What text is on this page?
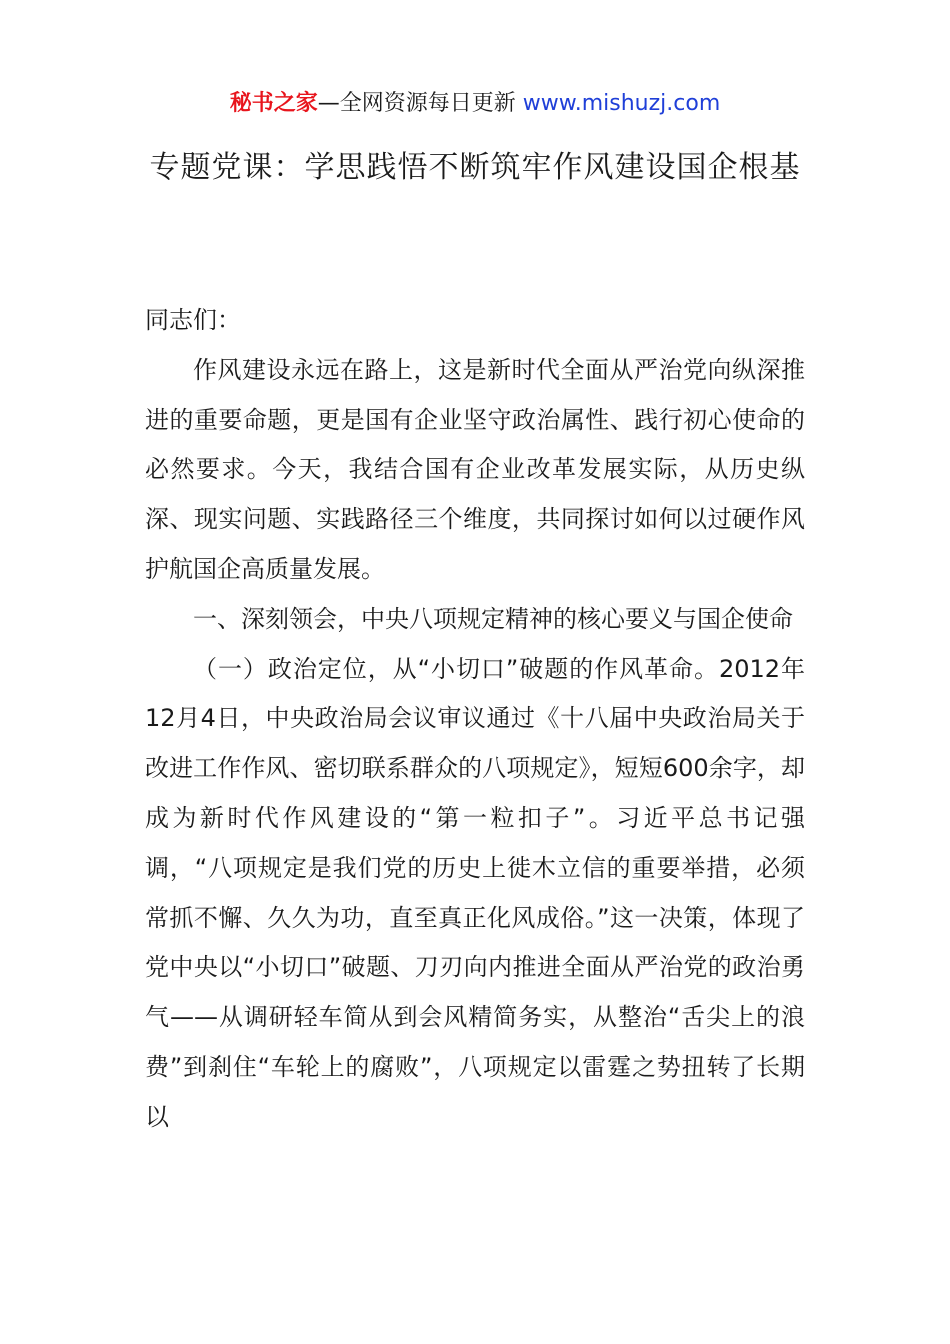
秘书之家—全网资源每日更新 www.mishuzj.com
专题党课：学思践悟不断筑牢作风建设国企根基

同志们：

作风建设永远在路上，这是新时代全面从严治党向纵深推进的重要命题，更是国有企业坚守政治属性、践行初心使命的必然要求。今天，我结合国有企业改革发展实际，从历史纵深、现实问题、实践路径三个维度，共同探讨如何以过硬作风护航国企高质量发展。

一、深刻领会，中央八项规定精神的核心要义与国企使命

（一）政治定位，从“小切口”破题的作风革命。2012年12月4日，中央政治局会议审议通过《十八届中央政治局关于改进工作作风、密切联系群众的八项规定》，短短600余字，却成为新时代作风建设的“第一粒扣子”。习近平总书记强调，“八项规定是我们党的历史上徙木立信的重要举措，必须常抓不懈、久久为功，直至真正化风成俗。”这一决策，体现了党中央以“小切口”破题、刀刃向内推进全面从严治党的政治勇气——从调研轻车简从到会风精简务实，从整治“舌尖上的浪费”到刹住“车轮上的腐败”，八项规定以雷霆之势扭转了长期以
